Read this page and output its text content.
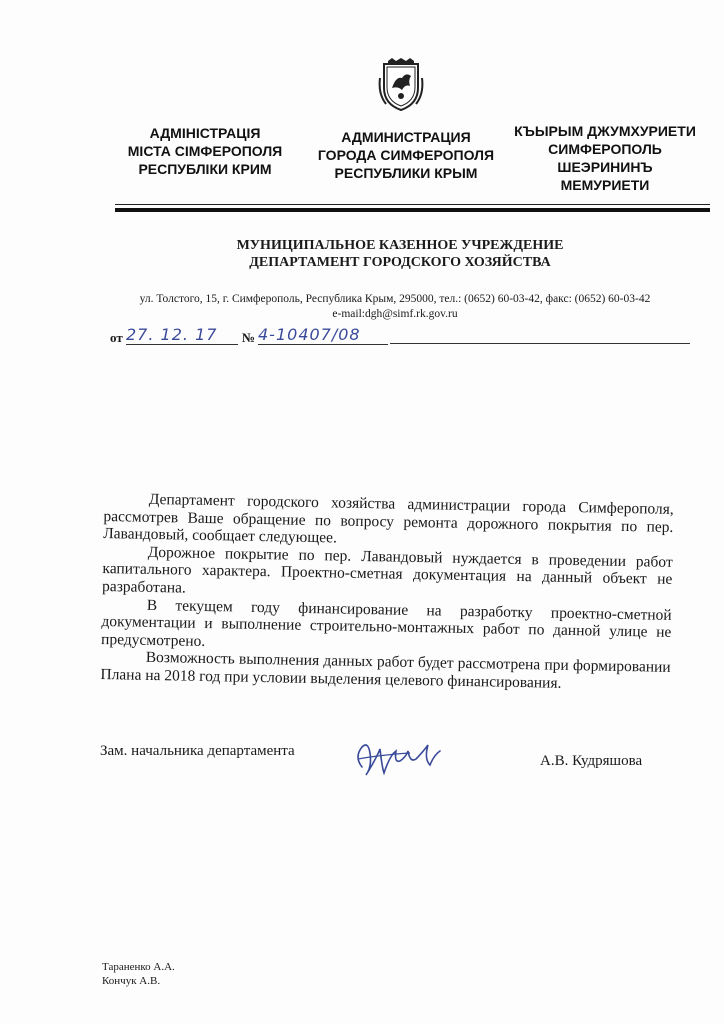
АДМІНІСТРАЦІЯ
МІСТА СІМФЕРОПОЛЯ
РЕСПУБЛІКИ КРИМ
АДМИНИСТРАЦИЯ
ГОРОДА СИМФЕРОПОЛЯ
РЕСПУБЛИКИ КРЫМ
КЪЫРЫМ ДЖУМХУРИЕТИ
СИМФЕРОПОЛЬ
ШЕЭРИНИНЪ
МЕМУРИЕТИ
МУНИЦИПАЛЬНОЕ КАЗЕННОЕ УЧРЕЖДЕНИЕ
ДЕПАРТАМЕНТ ГОРОДСКОГО ХОЗЯЙСТВА
ул. Толстого, 15, г. Симферополь, Республика Крым, 295000, тел.: (0652) 60-03-42, факс: (0652) 60-03-42
e-mail:dgh@simf.rk.gov.ru
от 27. 12. 17	№ 4-10407/08

Департамент городского хозяйства администрации города Симферополя, рассмотрев Ваше обращение по вопросу ремонта дорожного покрытия по пер. Лавандовый, сообщает следующее.

Дорожное покрытие по пер. Лавандовый нуждается в проведении работ капитального характера. Проектно-сметная документация на данный объект не разработана.

В текущем году финансирование на разработку проектно-сметной документации и выполнение строительно-монтажных работ по данной улице не предусмотрено.

Возможность выполнения данных работ будет рассмотрена при формировании Плана на 2018 год при условии выделения целевого финансирования.

Зам. начальника департамента
А.В. Кудряшова
Тараненко А.А.
Кончук А.В.
